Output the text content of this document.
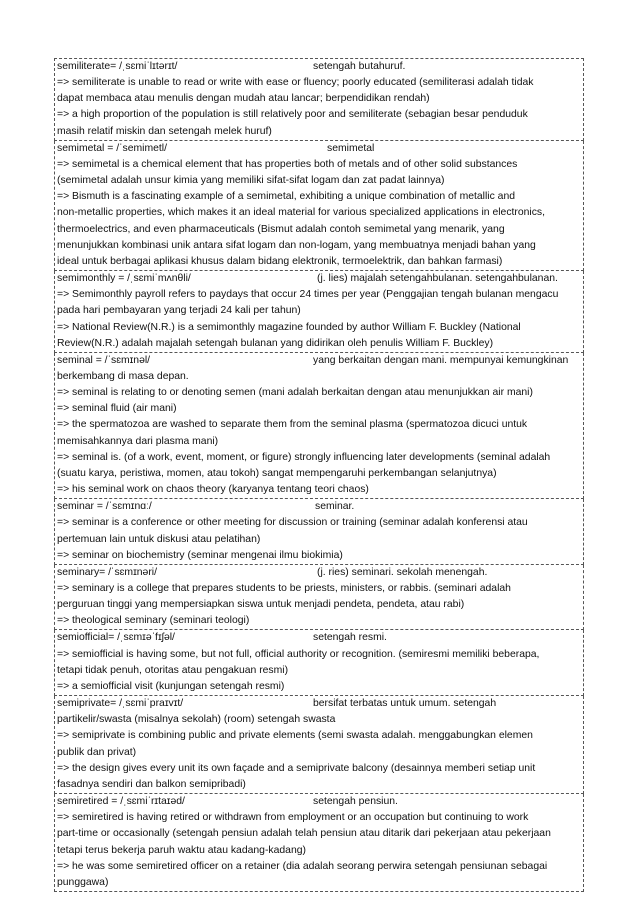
semiliterate= /ˌsɛmiˈlɪtərɪt/	setengah butahuruf.
=> semiliterate is unable to read or write with ease or fluency; poorly educated (semiliterasi adalah tidak
dapat membaca atau menulis dengan mudah atau lancar; berpendidikan rendah)
=> a high proportion of the population is still relatively poor and semiliterate (sebagian besar penduduk
masih relatif miskin dan setengah melek huruf)
semimetal = /ˈsemimetl/	semimetal
=> semimetal is a chemical element that has properties both of metals and of other solid substances
(semimetal adalah unsur kimia yang memiliki sifat-sifat logam dan zat padat lainnya)
=> Bismuth is a fascinating example of a semimetal, exhibiting a unique combination of metallic and
non-metallic properties, which makes it an ideal material for various specialized applications in electronics,
thermoelectrics, and even pharmaceuticals (Bismut adalah contoh semimetal yang menarik, yang
menunjukkan kombinasi unik antara sifat logam dan non-logam, yang membuatnya menjadi bahan yang
ideal untuk berbagai aplikasi khusus dalam bidang elektronik, termoelektrik, dan bahkan farmasi)
semimonthly = /ˌsɛmiˈmʌnθli/	(j. lies) majalah setengahbulanan. setengahbulanan.
=> Semimonthly payroll refers to paydays that occur 24 times per year (Penggajian tengah bulanan mengacu
pada hari pembayaran yang terjadi 24 kali per tahun)
=> National Review(N.R.) is a semimonthly magazine founded by author William F. Buckley (National
Review(N.R.) adalah majalah setengah bulanan yang didirikan oleh penulis William F. Buckley)
seminal = /ˈsɛmɪnəl/	yang berkaitan dengan mani. mempunyai kemungkinan
berkembang di masa depan.
=> seminal is relating to or denoting semen (mani adalah berkaitan dengan atau menunjukkan air mani)
=> seminal fluid (air mani)
=> the spermatozoa are washed to separate them from the seminal plasma (spermatozoa dicuci untuk
memisahkannya dari plasma mani)
=> seminal is. (of a work, event, moment, or figure) strongly influencing later developments (seminal adalah
(suatu karya, peristiwa, momen, atau tokoh) sangat mempengaruhi perkembangan selanjutnya)
=> his seminal work on chaos theory (karyanya tentang teori chaos)
seminar = /ˈsɛmɪnɑː/	seminar.
=> seminar is a conference or other meeting for discussion or training (seminar adalah konferensi atau
pertemuan lain untuk diskusi atau pelatihan)
=> seminar on biochemistry (seminar mengenai ilmu biokimia)
seminary= /ˈsɛmɪnəri/	(j. ries) seminari. sekolah menengah.
=> seminary is a college that prepares students to be priests, ministers, or rabbis. (seminari adalah
perguruan tinggi yang mempersiapkan siswa untuk menjadi pendeta, pendeta, atau rabi)
=> theological seminary (seminari teologi)
semiofficial= /ˌsɛmɪəˈfɪʃəl/	setengah resmi.
=> semiofficial is having some, but not full, official authority or recognition. (semiresmi memiliki beberapa,
tetapi tidak penuh, otoritas atau pengakuan resmi)
=> a semiofficial visit (kunjungan setengah resmi)
semiprivate= /ˌsɛmiˈpraɪvɪt/	bersifat terbatas untuk umum. setengah
partikelir/swasta (misalnya sekolah) (room) setengah swasta
=> semiprivate is combining public and private elements (semi swasta adalah. menggabungkan elemen
publik dan privat)
=> the design gives every unit its own façade and a semiprivate balcony (desainnya memberi setiap unit
fasadnya sendiri dan balkon semipribadi)
semiretired = /ˌsɛmiˈrɪtaɪəd/	setengah pensiun.
=> semiretired is having retired or withdrawn from employment or an occupation but continuing to work
part-time or occasionally (setengah pensiun adalah telah pensiun atau ditarik dari pekerjaan atau pekerjaan
tetapi terus bekerja paruh waktu atau kadang-kadang)
=> he was some semiretired officer on a retainer (dia adalah seorang perwira setengah pensiunan sebagai
punggawa)
